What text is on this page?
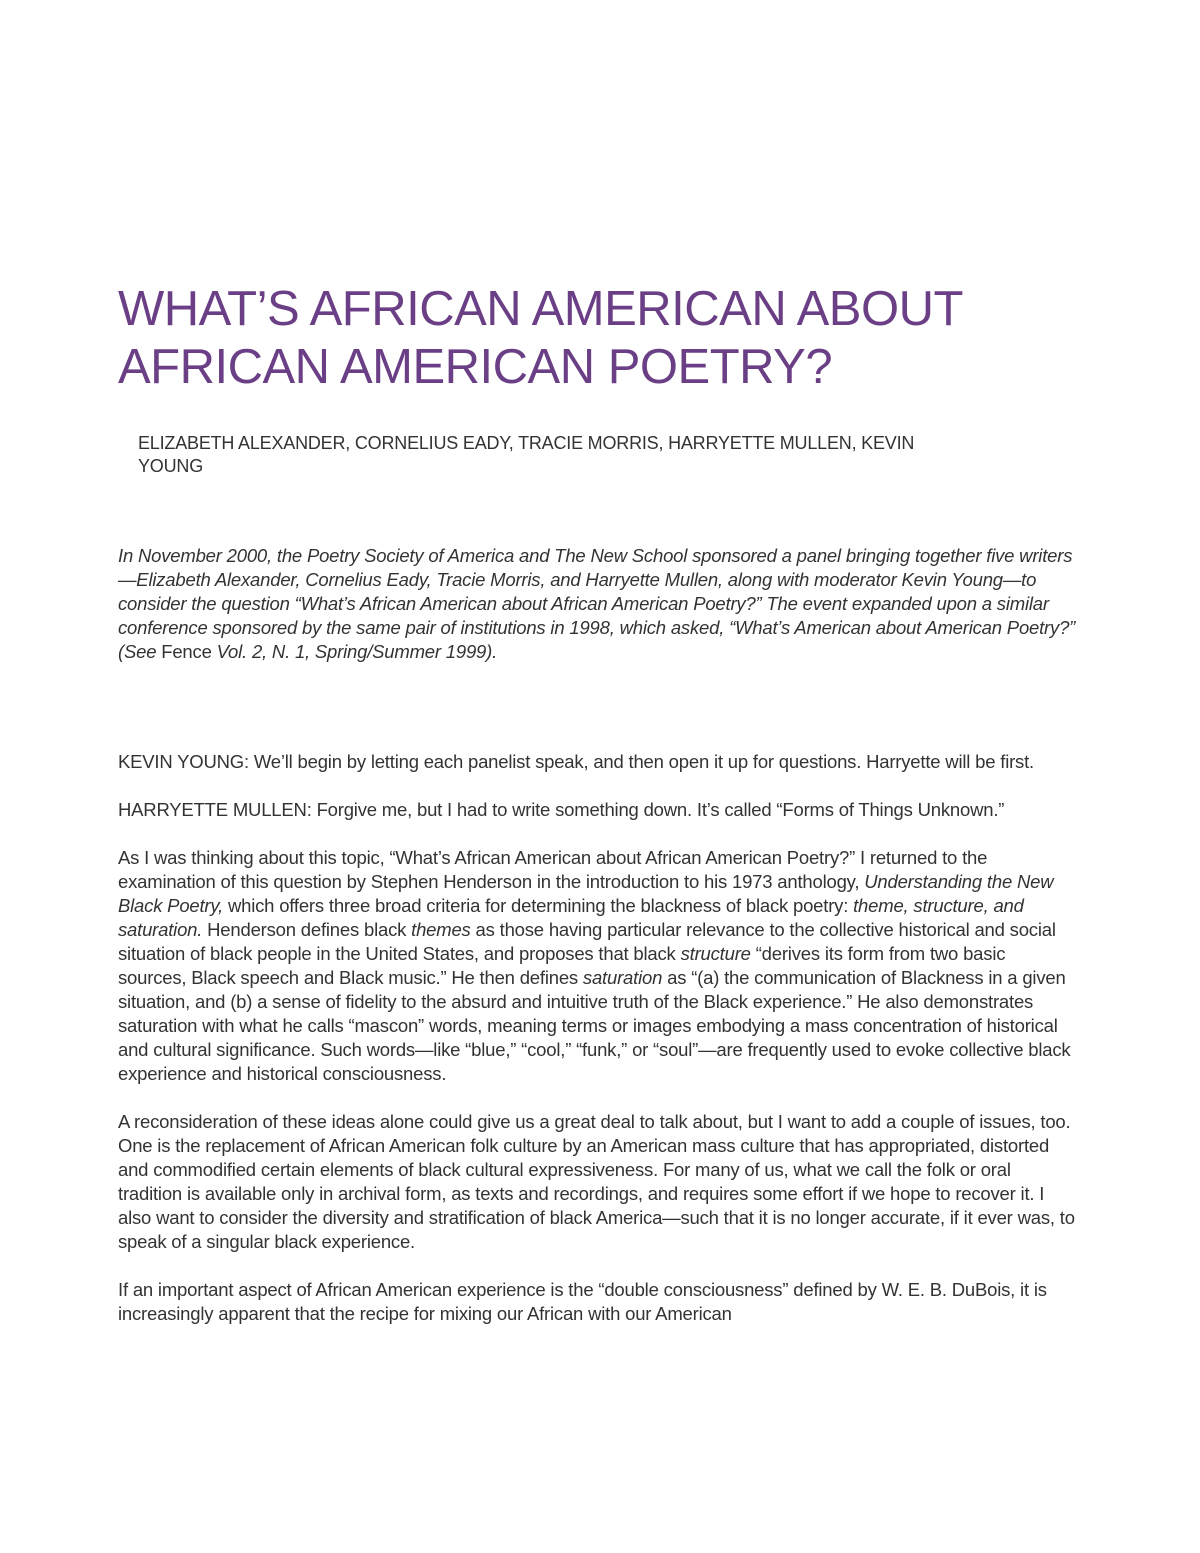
WHAT’S AFRICAN AMERICAN ABOUT
AFRICAN AMERICAN POETRY?
ELIZABETH ALEXANDER, CORNELIUS EADY, TRACIE MORRIS, HARRYETTE MULLEN, KEVIN
YOUNG

In November 2000, the Poetry Society of America and The New School sponsored a panel bringing together five writers—Elizabeth Alexander, Cornelius Eady, Tracie Morris, and Harryette Mullen, along with moderator Kevin Young—to consider the question “What’s African American about African American Poetry?” The event expanded upon a similar conference sponsored by the same pair of institutions in 1998, which asked, “What’s American about American Poetry?” (See Fence Vol. 2, N. 1, Spring/Summer 1999).

KEVIN YOUNG: We’ll begin by letting each panelist speak, and then open it up for questions. Harryette will be first.

HARRYETTE MULLEN: Forgive me, but I had to write something down. It’s called “Forms of Things Unknown.”

As I was thinking about this topic, “What’s African American about African American Poetry?” I returned to the examination of this question by Stephen Henderson in the introduction to his 1973 anthology, Understanding the New Black Poetry, which offers three broad criteria for determining the blackness of black poetry: theme, structure, and saturation. Henderson defines black themes as those having particular relevance to the collective historical and social situation of black people in the United States, and proposes that black structure “derives its form from two basic sources, Black speech and Black music.” He then defines saturation as “(a) the communication of Blackness in a given situation, and (b) a sense of fidelity to the absurd and intuitive truth of the Black experience.” He also demonstrates saturation with what he calls “mascon” words, meaning terms or images embodying a mass concentration of historical and cultural significance. Such words—like “blue,” “cool,” “funk,” or “soul”—are frequently used to evoke collective black experience and historical consciousness.

A reconsideration of these ideas alone could give us a great deal to talk about, but I want to add a couple of issues, too. One is the replacement of African American folk culture by an American mass culture that has appropriated, distorted and commodified certain elements of black cultural expressiveness. For many of us, what we call the folk or oral tradition is available only in archival form, as texts and recordings, and requires some effort if we hope to recover it. I also want to consider the diversity and stratification of black America—such that it is no longer accurate, if it ever was, to speak of a singular black experience.

If an important aspect of African American experience is the “double consciousness” defined by W. E. B. DuBois, it is increasingly apparent that the recipe for mixing our African with our American
